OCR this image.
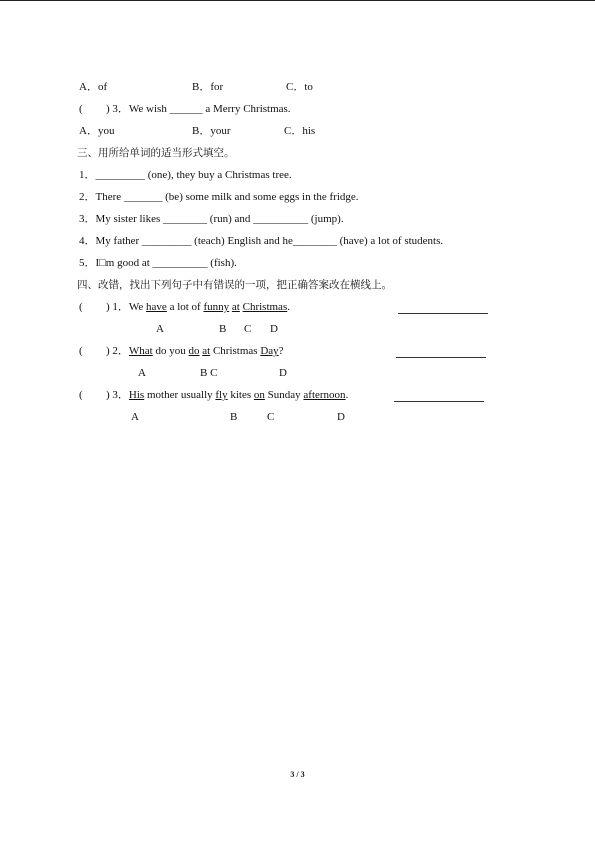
A．of	B．for	C．to
( ) 3．We wish ______ a Merry Christmas.
A．you	B．your	C．his
三、用所给单词的适当形式填空。
1．_________ (one), they buy a Christmas tree.
2．There _______ (be) some milk and some eggs in the fridge.
3．My sister likes ________ (run) and __________ (jump).
4．My father _________ (teach) English and he________ (have) a lot of students.
5．I□m good at __________ (fish).
四、改错，找出下列句子中有错误的一项，把正确答案改在横线上。
( ) 1．We have a lot of funny at Christmas.
A	B C D
( ) 2．What do you do at Christmas Day?
A	B C	D
( ) 3．His mother usually fly kites on Sunday afternoon.
A	B	C	D
3 / 3
